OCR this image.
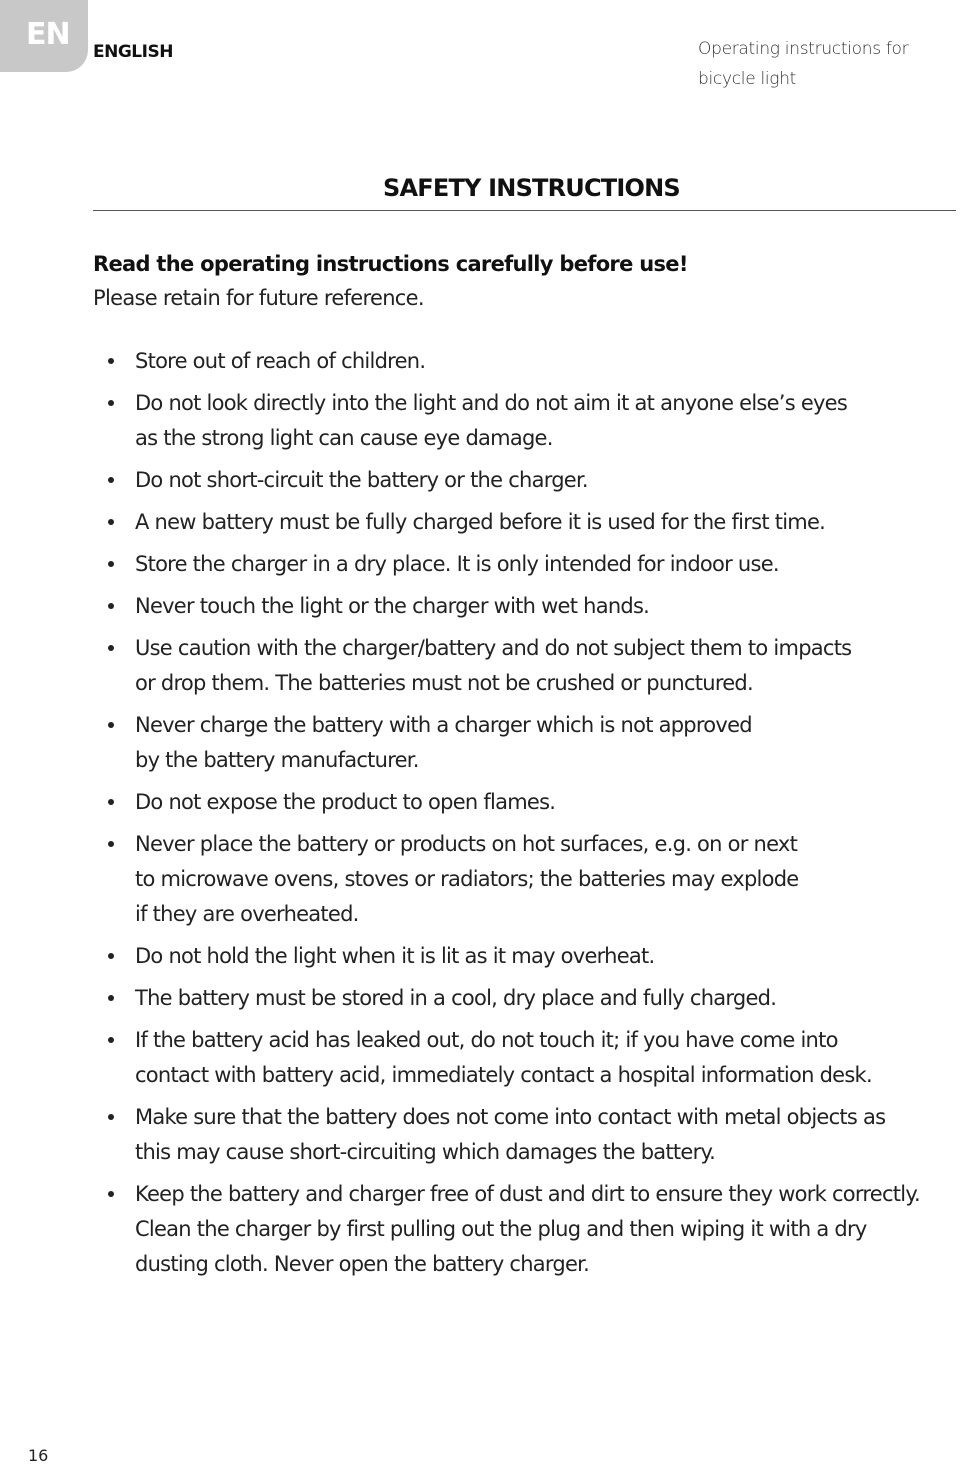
EN ENGLISH	Operating instructions for bicycle light
SAFETY INSTRUCTIONS
Read the operating instructions carefully before use!
Please retain for future reference.
Store out of reach of children.
Do not look directly into the light and do not aim it at anyone else’s eyes
as the strong light can cause eye damage.
Do not short-circuit the battery or the charger.
A new battery must be fully charged before it is used for the first time.
Store the charger in a dry place. It is only intended for indoor use.
Never touch the light or the charger with wet hands.
Use caution with the charger/battery and do not subject them to impacts
or drop them. The batteries must not be crushed or punctured.
Never charge the battery with a charger which is not approved
by the battery manufacturer.
Do not expose the product to open flames.
Never place the battery or products on hot surfaces, e.g. on or next
to microwave ovens, stoves or radiators; the batteries may explode
if they are overheated.
Do not hold the light when it is lit as it may overheat.
The battery must be stored in a cool, dry place and fully charged.
If the battery acid has leaked out, do not touch it; if you have come into
contact with battery acid, immediately contact a hospital information desk.
Make sure that the battery does not come into contact with metal objects as
this may cause short-circuiting which damages the battery.
Keep the battery and charger free of dust and dirt to ensure they work correctly.
Clean the charger by first pulling out the plug and then wiping it with a dry
dusting cloth. Never open the battery charger.
16
